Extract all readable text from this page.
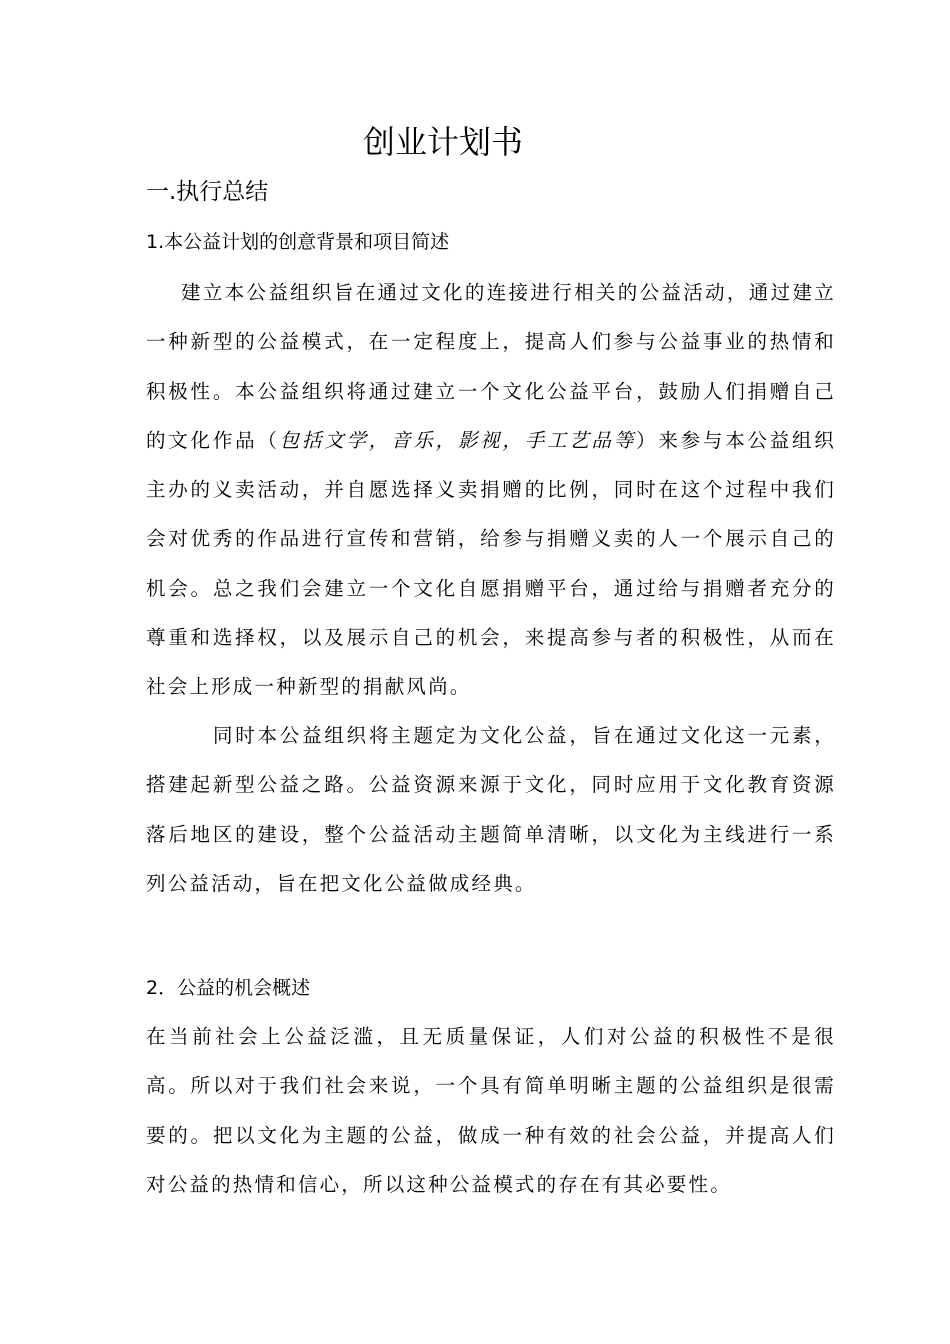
创业计划书
一.执行总结
1.本公益计划的创意背景和项目简述

建立本公益组织旨在通过文化的连接进行相关的公益活动，通过建立一种新型的公益模式，在一定程度上，提高人们参与公益事业的热情和积极性。本公益组织将通过建立一个文化公益平台，鼓励人们捐赠自己的文化作品（包括文学，音乐，影视，手工艺品等）来参与本公益组织主办的义卖活动，并自愿选择义卖捐赠的比例，同时在这个过程中我们会对优秀的作品进行宣传和营销，给参与捐赠义卖的人一个展示自己的机会。总之我们会建立一个文化自愿捐赠平台，通过给与捐赠者充分的尊重和选择权，以及展示自己的机会，来提高参与者的积极性，从而在社会上形成一种新型的捐献风尚。

同时本公益组织将主题定为文化公益，旨在通过文化这一元素，搭建起新型公益之路。公益资源来源于文化，同时应用于文化教育资源落后地区的建设，整个公益活动主题简单清晰，以文化为主线进行一系列公益活动，旨在把文化公益做成经典。

2．公益的机会概述

在当前社会上公益泛滥，且无质量保证，人们对公益的积极性不是很高。所以对于我们社会来说，一个具有简单明晰主题的公益组织是很需要的。把以文化为主题的公益，做成一种有效的社会公益，并提高人们对公益的热情和信心，所以这种公益模式的存在有其必要性。
